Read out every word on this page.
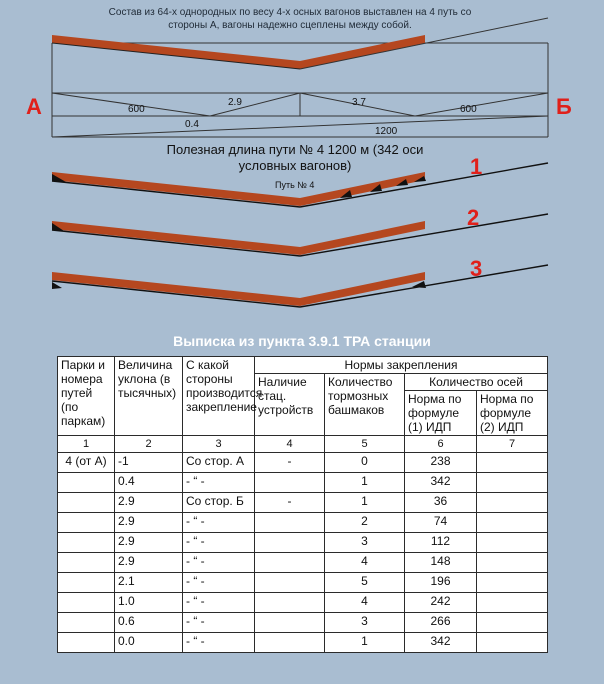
Состав из 64-х однородных по весу 4-х осных вагонов выставлен на 4 путь со стороны А, вагоны надежно сцеплены между собой.
А	Б
600
2.9	3.7
600
0.4
1200
Полезная длина пути № 4 1200 м (342 оси условных вагонов)
Путь № 4
1
2
3
Выписка из пункта 3.9.1 ТРА станции
Парки и номера путей (по паркам)	Величина уклона (в тысячных)	С какой стороны производится закрепление	Нормы закрепления			
			Наличие стац. устройств	Количество тормозных башмаков	Количество осей	
					Норма по формуле (1) ИДП	Норма по формуле (2) ИДП
1	2	3	4	5	6	7
4 (от А)	-1	Со стор. А	-	0	238	
	0.4	- “ -		1	342	
	2.9	Со стор. Б	-	1	36	
	2.9	- “ -		2	74	
	2.9	- “ -		3	112	
	2.9	- “ -		4	148	
	2.1	- “ -		5	196	
	1.0	- “ -		4	242	
	0.6	- “ -		3	266	
	0.0	- “ -		1	342	
